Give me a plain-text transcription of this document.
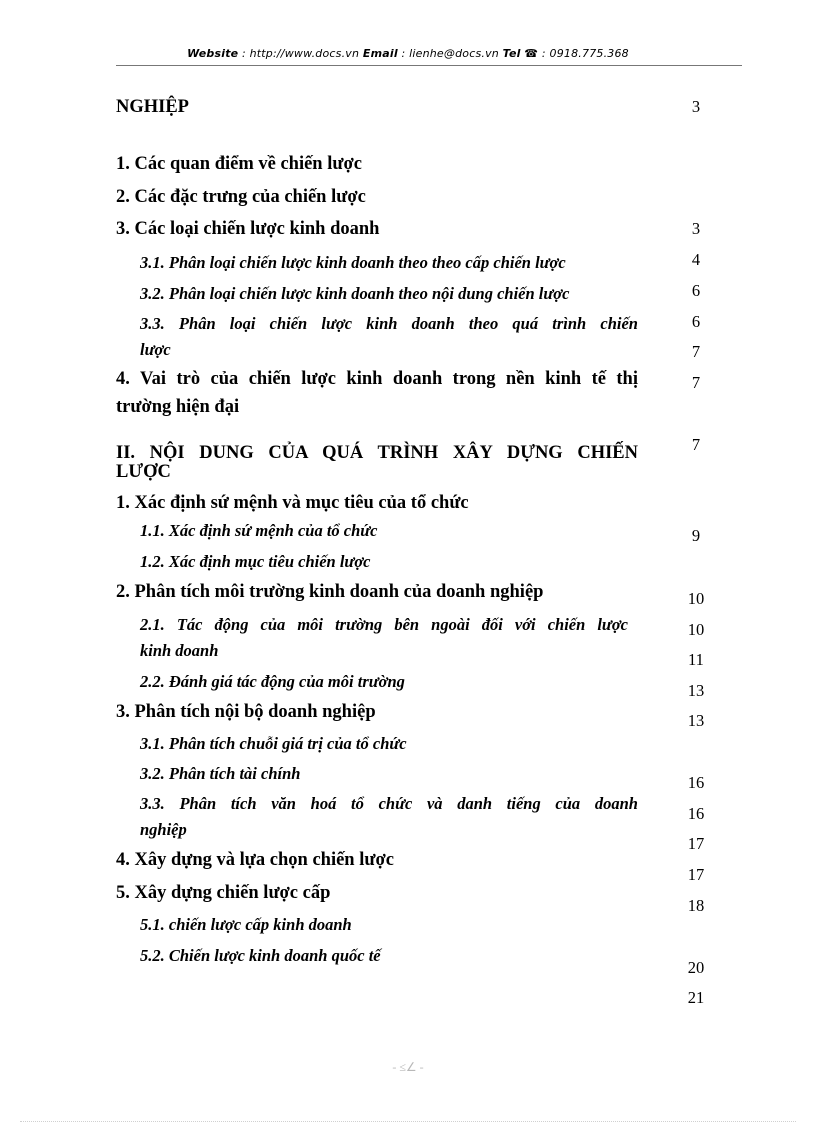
Website : http://www.docs.vn Email : lienhe@docs.vn Tel ☎ : 0918.775.368
NGHIỆP
1. Các quan điểm về chiến lược
2. Các đặc trưng của chiến lược
3. Các loại chiến lược kinh doanh
3.1. Phân loại chiến lược kinh doanh theo theo cấp chiến lược
3.2. Phân loại chiến lược kinh doanh theo nội dung chiến lược
3.3. Phân loại chiến lược kinh doanh theo quá trình chiến
lược
4. Vai trò của chiến lược kinh doanh trong nền kinh tế thị
trường hiện đại
II. NỘI DUNG CỦA QUÁ TRÌNH XÂY DỰNG CHIẾN
LƯỢC
1. Xác định sứ mệnh và mục tiêu của tổ chức
1.1. Xác định sứ mệnh của tổ chức
1.2. Xác định mục tiêu chiến lược
2. Phân tích môi trường kinh doanh của doanh nghiệp
2.1. Tác động của môi trường bên ngoài đối với chiến lược
kinh doanh
2.2. Đánh giá tác động của môi trường
3. Phân tích nội bộ doanh nghiệp
3.1. Phân tích chuỗi giá trị của tổ chức
3.2. Phân tích tài chính
3.3. Phân tích văn hoá tổ chức và danh tiếng của doanh
nghiệp
4. Xây dựng và lựa chọn chiến lược
5. Xây dựng chiến lược cấp
5.1. chiến lược cấp kinh doanh
5.2. Chiến lược kinh doanh quốc tế
3
3
4
6
6
7
7
7
9
10
10
11
13
13
16
16
17
17
18
20
21
- ≤∠ -
